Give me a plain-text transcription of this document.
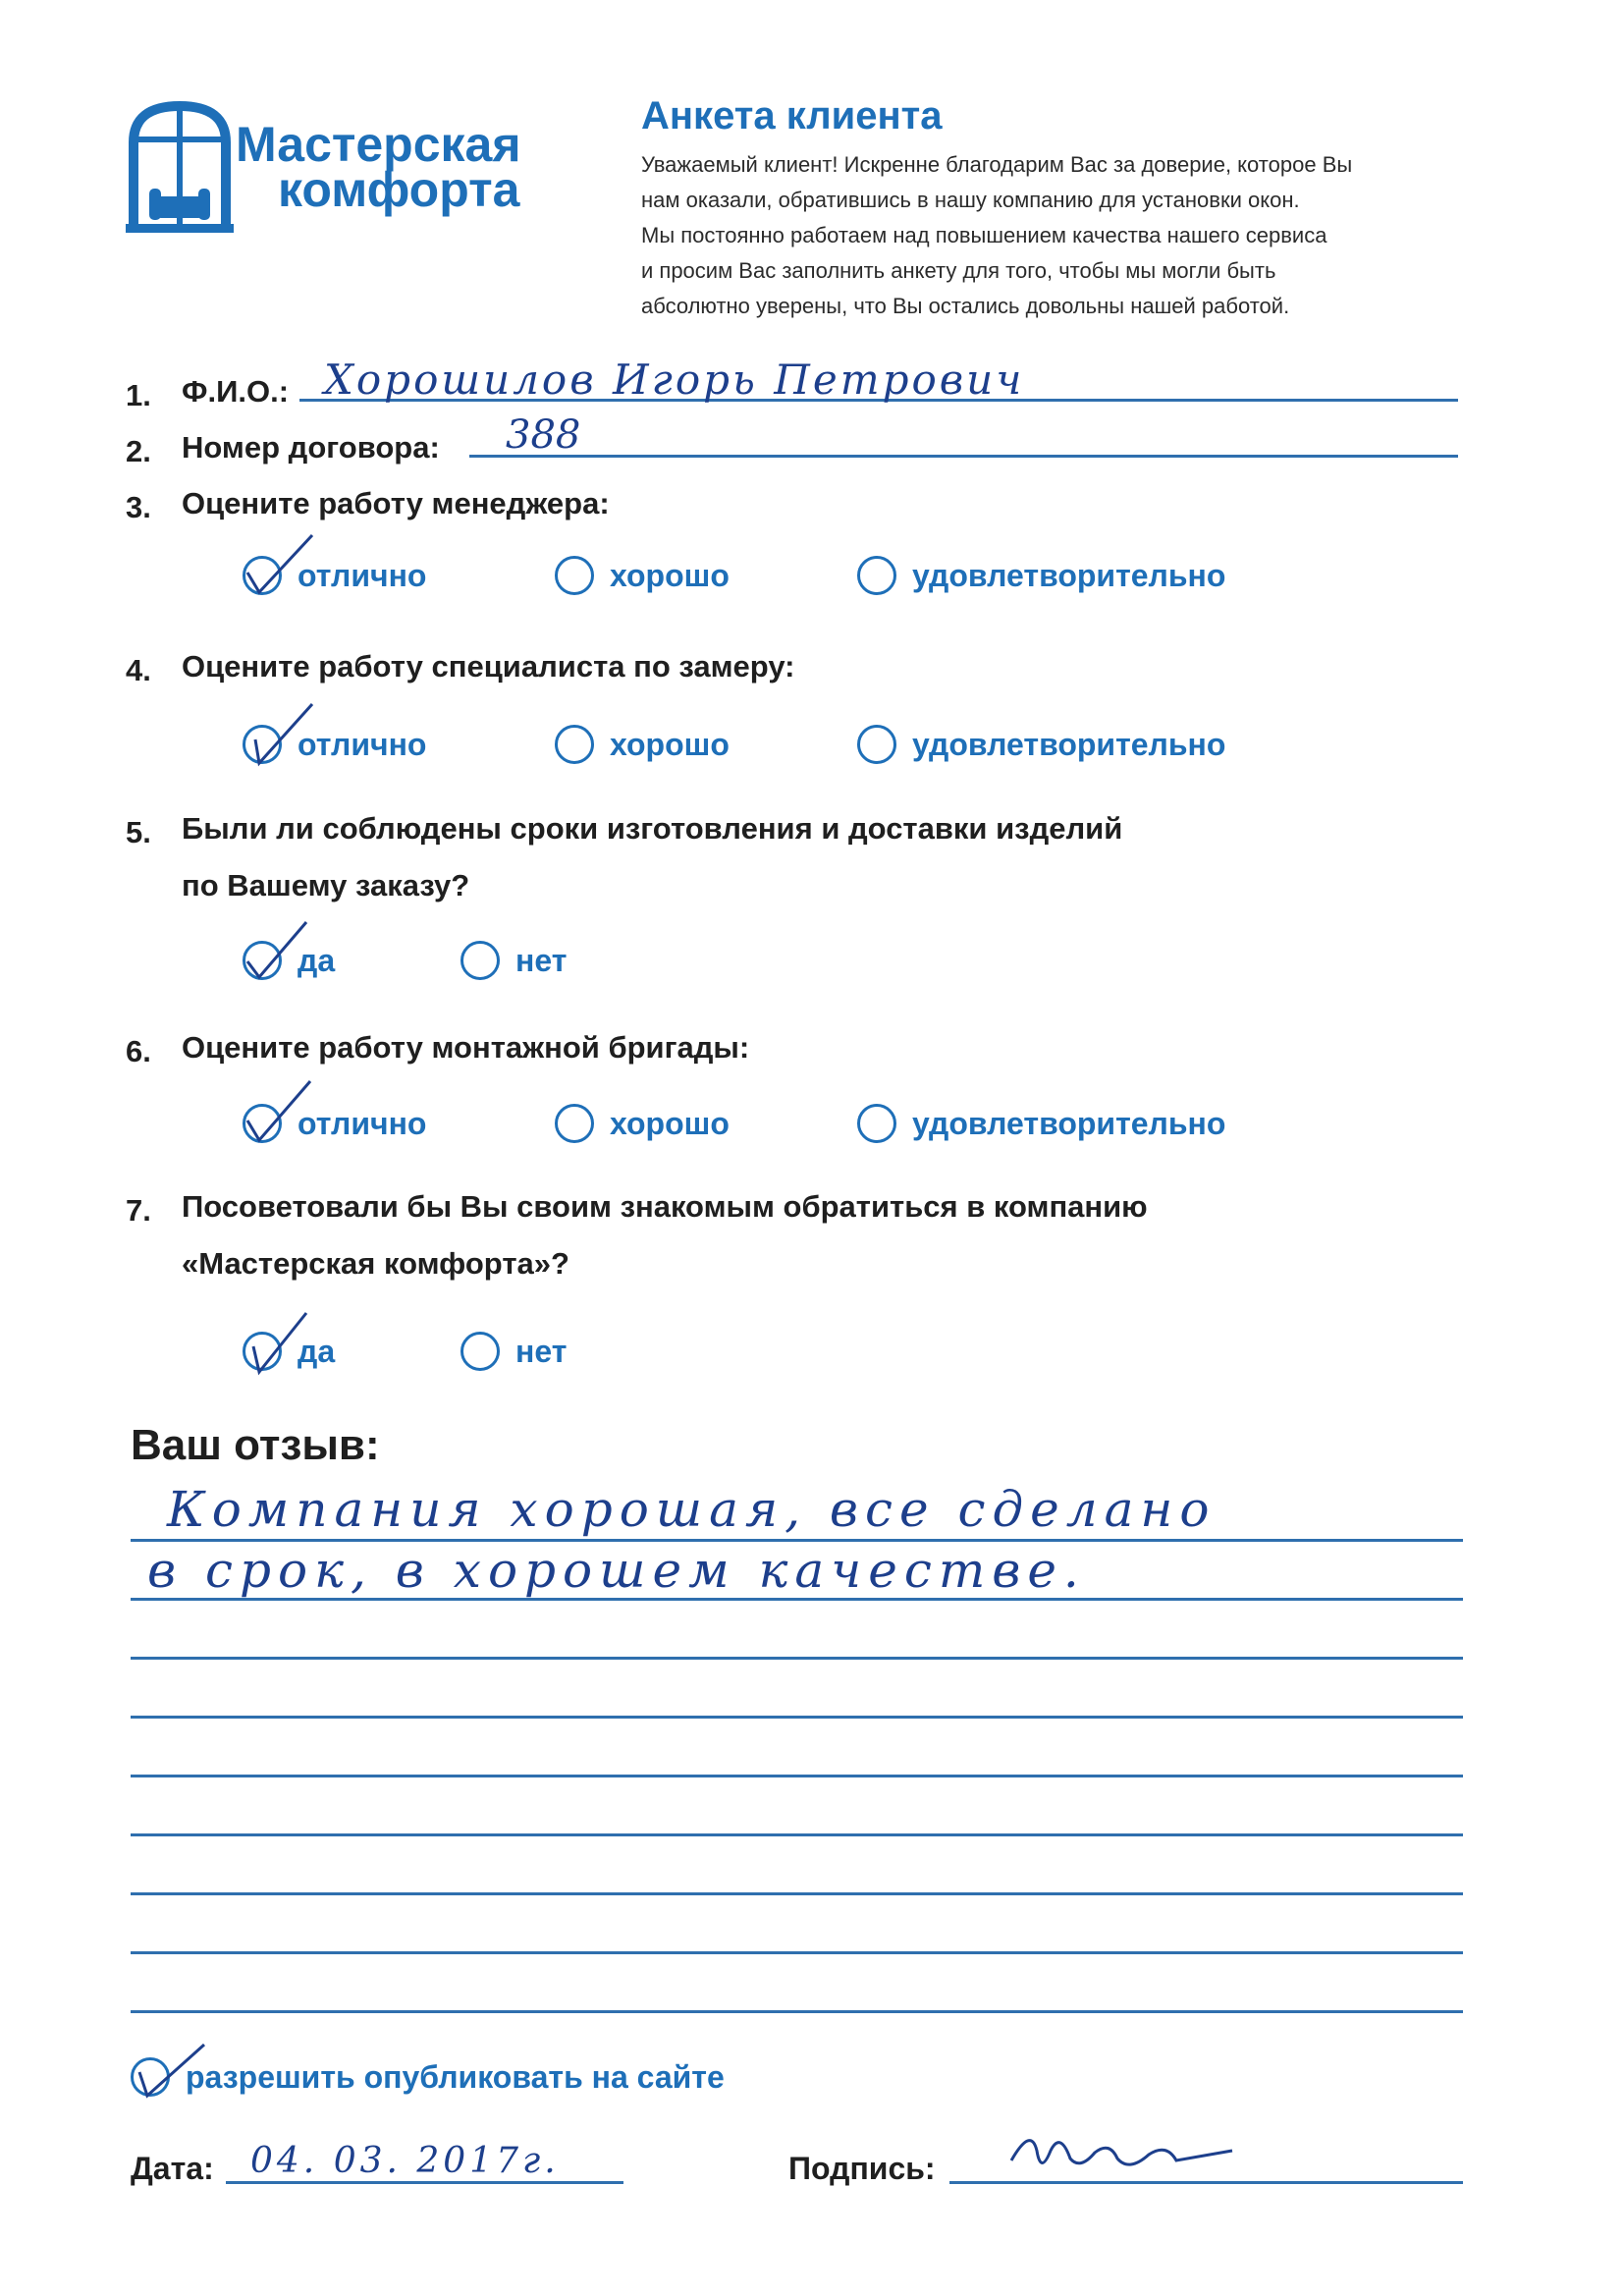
Мастерская
комфорта
Анкета клиента
Уважаемый клиент! Искренне благодарим Вас за доверие, которое Вы
нам оказали, обратившись в нашу компанию для установки окон.
Мы постоянно работаем над повышением качества нашего сервиса
и просим Вас заполнить анкету для того, чтобы мы могли быть
абсолютно уверены, что Вы остались довольны нашей работой.
1. Ф.И.О.: Хорошилов Игорь Петрович
2. Номер договора: 388
3. Оцените работу менеджера:
отлично	хорошо	удовлетворительно
4. Оцените работу специалиста по замеру:
отлично	хорошо	удовлетворительно
5. Были ли соблюдены сроки изготовления и доставки изделий
по Вашему заказу?
да	нет
6. Оцените работу монтажной бригады:
отлично	хорошо	удовлетворительно
7. Посоветовали бы Вы своим знакомым обратиться в компанию
«Мастерская комфорта»?
да	нет
Ваш отзыв:
Компания хорошая, все сделано
в срок, в хорошем качестве.
разрешить опубликовать на сайте
Дата: 04. 03. 2017г.	Подпись:
